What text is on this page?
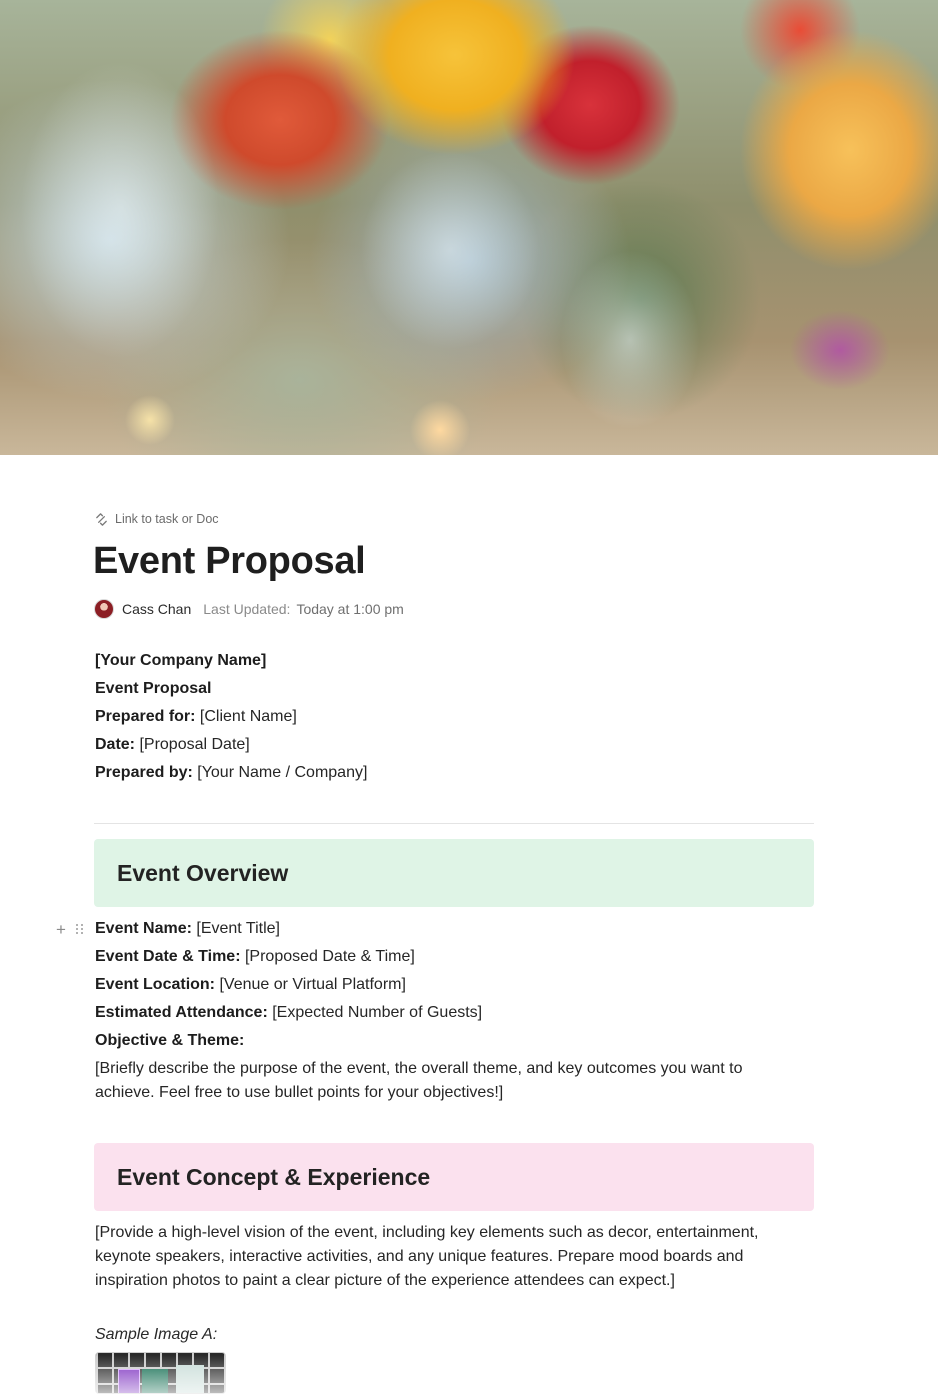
Link to task or Doc
Event Proposal
Cass Chan Last Updated: Today at 1:00 pm
[Your Company Name]
Event Proposal
Prepared for: [Client Name]
Date: [Proposal Date]
Prepared by: [Your Name / Company]
Event Overview
+ Event Name: [Event Title]
Event Date & Time: [Proposed Date & Time]
Event Location: [Venue or Virtual Platform]
Estimated Attendance: [Expected Number of Guests]
Objective & Theme:

[Briefly describe the purpose of the event, the overall theme, and key outcomes you want to achieve. Feel free to use bullet points for your objectives!]

Event Concept & Experience

[Provide a high-level vision of the event, including key elements such as decor, entertainment, keynote speakers, interactive activities, and any unique features. Prepare mood boards and inspiration photos to paint a clear picture of the experience attendees can expect.]

Sample Image A:
